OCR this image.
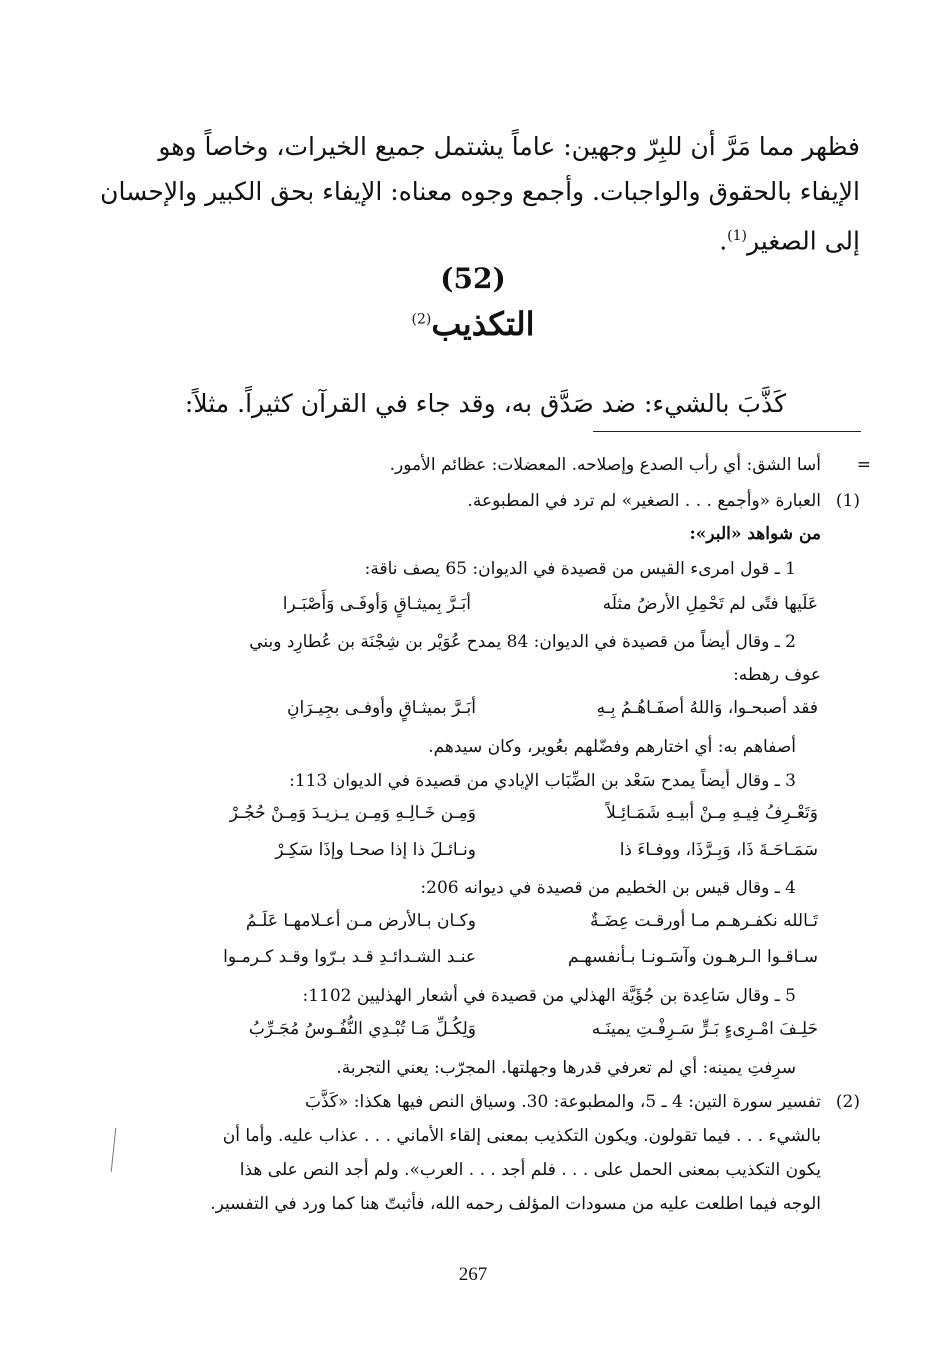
فظهر مما مَرَّ أن للبِرّ وجهين: عاماً يشتمل جميع الخيرات، وخاصاً وهو
الإيفاء بالحقوق والواجبات. وأجمع وجوه معناه: الإيفاء بحق الكبير والإحسان
إلى الصغير$^{(1)}$.
(52)
التكذيب$^{(2)}$
كَذَّبَ بالشيء: ضد صَدَّق به، وقد جاء في القرآن كثيراً. مثلاً:
=
أسا الشق: أي رأب الصدع وإصلاحه. المعضلات: عظائم الأمور.
(1)
العبارة «وأجمع . . . الصغير» لم ترد في المطبوعة.
من شواهد «البر»:
1 ـ قول امرىء القيس من قصيدة في الديوان: 65 يصف ناقة:
عَلَيها فتًى لم تَحْمِلِ الأرضُ مثلَه
أبَـرَّ بِميثـاقٍ وَأوفَـى وَأَصْبَـرا
2 ـ وقال أيضاً من قصيدة في الديوان: 84 يمدح عُوَيْر بن شِجْنَة بن عُطارِد وبني
عوف رهطه:
فقد أصبحـوا، وَاللهُ أصفَـاهُـمُ بِـهِ
أبَـرَّ بميثـاقٍ وأوفـى بجِيـرَانِ
أصفاهم به: أي اختارهم وفضّلهم بعُوير، وكان سيدهم.
3 ـ وقال أيضاً يمدح سَعْد بن الضِّبَاب الإيادي من قصيدة في الديوان 113:
وَتَعْـرِفُ فِيـهِ مِـنْ أبيـهِ شَمَـائِـلاً
وَمِـن خَـالِـهِ وَمِـن يـزيـدَ وَمِـنْ حُجُـرْ
سَمَـاحَـةَ ذَا، وَبِـرَّذَا، ووفـاءَ ذا
ونـائـلَ ذا إذا صحـا وإذَا سَكِـرْ
4 ـ وقال قيس بن الخطيم من قصيدة في ديوانه 206:
تَـالله نكفـرهـم مـا أورقـت عِضَـةٌ
وكـان بـالأرض مـن أعـلامهـا عَلَـمُ
سـاقـوا الـرهـون وآسَـونـا بـأنفسهـم
عنـد الشـدائـدِ قـد بـرّوا وقـد كـرمـوا
5 ـ وقال سَاعِدة بن جُؤَيَّة الهذلي من قصيدة في أشعار الهذليين 1102:
حَلِـفَ امْـرِىءٍ بَـرٍّ سَـرِفْـتِ يمينَـه
وَلِكُـلِّ مَـا تُبْـدِي النُّفُـوسُ مُجَـرِّبُ
سرِفتِ يمينه: أي لم تعرفي قدرها وجهلتها. المجرّب: يعني التجربة.
(2)
تفسير سورة التين: 4 ـ 5، والمطبوعة: 30. وسياق النص فيها هكذا: «كَذَّبَ
بالشيء . . . فيما تقولون. ويكون التكذيب بمعنى إلقاء الأماني . . . عذاب عليه. وأما أن
يكون التكذيب بمعنى الحمل على . . . فلم أجد . . . العرب». ولم أجد النص على هذا
الوجه فيما اطلعت عليه من مسودات المؤلف رحمه الله، فأثبتّ هنا كما ورد في التفسير.
267
